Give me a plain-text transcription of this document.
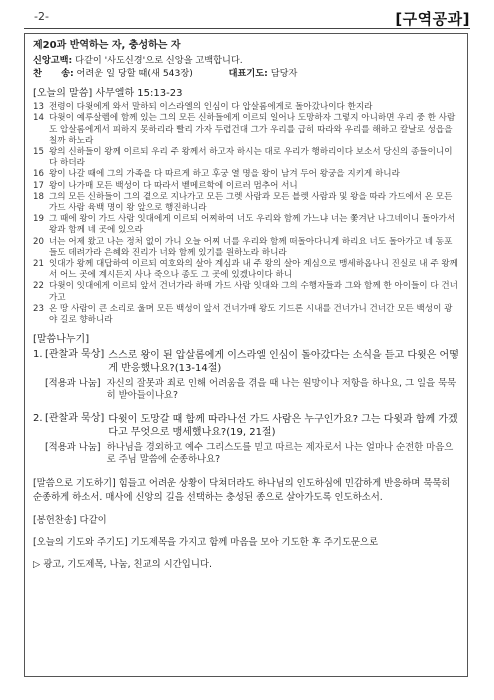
-2-	[구역공과]
제20과 반역하는 자, 충성하는 자
신앙고백: 다같이 '사도신경'으로 신앙을 고백합니다.
찬      송: 어려운 일 당할 때(새 543장)	대표기도: 담당자
[오늘의 말씀] 사무엘하 15:13-23
13 전령이 다윗에게 와서 말하되 이스라엘의 인심이 다 압살롬에게로 돌아갔나이다 한지라
14 다윗이 예루살렘에 함께 있는 그의 모든 신하들에게 이르되 일어나 도망하자 그렇지 아니하면 우리 중 한 사람도 압살롬에게서 피하지 못하리라 빨리 가자 두렵건대 그가 우리를 급히 따라와 우리를 해하고 칼날로 성읍을 칠까 하노라
15 왕의 신하들이 왕께 이르되 우리 주 왕께서 하고자 하시는 대로 우리가 행하리이다 보소서 당신의 종들이니이다 하더라
16 왕이 나갈 때에 그의 가족을 다 따르게 하고 후궁 열 명을 왕이 남겨 두어 왕궁을 지키게 하니라
17 왕이 나가매 모든 백성이 다 따라서 벧메르학에 이르러 멈추어 서니
18 그의 모든 신하들이 그의 곁으로 지나가고 모든 그렛 사람과 모든 블렛 사람과 및 왕을 따라 가드에서 온 모든 가드 사람 육백 명이 왕 앞으로 행진하니라
19 그 때에 왕이 가드 사람 잇대에게 이르되 어찌하여 너도 우리와 함께 가느냐 너는 쫓겨난 나그네이니 돌아가서 왕과 함께 네 곳에 있으라
20 너는 어제 왔고 나는 정처 없이 가니 오늘 어찌 너를 우리와 함께 떠돌아다니게 하리요 너도 돌아가고 네 동포들도 데려가라 은혜와 진리가 너와 함께 있기를 원하노라 하니라
21 잇대가 왕께 대답하여 이르되 여호와의 살아 계심과 내 주 왕의 살아 계심으로 맹세하옵나니 진실로 내 주 왕께서 어느 곳에 계시든지 사나 죽으나 종도 그 곳에 있겠나이다 하니
22 다윗이 잇대에게 이르되 앞서 건너가라 하매 가드 사람 잇대와 그의 수행자들과 그와 함께 한 아이들이 다 건너가고
23 온 땅 사람이 큰 소리로 울며 모든 백성이 앞서 건너가매 왕도 기드론 시내를 건너가니 건너간 모든 백성이 광야 길로 향하니라
[말씀나누기]
1. [관찰과 묵상] 스스로 왕이 된 압살롬에게 이스라엘 인심이 돌아갔다는 소식을 듣고 다윗은 어떻게 반응했나요?(13-14절)
[적용과 나눔] 자신의 잘못과 죄로 인해 어려움을 겪을 때 나는 원망이나 저항을 하나요, 그 일을 묵묵히 받아들이나요?
2. [관찰과 묵상] 다윗이 도망갈 때 함께 따라나선 가드 사람은 누구인가요? 그는 다윗과 함께 가겠다고 무엇으로 맹세했나요?(19, 21절)
[적용과 나눔] 하나님을 경외하고 예수 그리스도를 믿고 따르는 제자로서 나는 얼마나 순전한 마음으로 주님 말씀에 순종하나요?
[말씀으로 기도하기] 힘들고 어려운 상황이 닥쳐더라도 하나님의 인도하심에 민감하게 반응하며 묵묵히 순종하게 하소서. 매사에 신앙의 길을 선택하는 충성된 종으로 살아가도록 인도하소서.
[봉헌찬송] 다같이
[오늘의 기도와 주기도] 기도제목을 가지고 함께 마음을 모아 기도한 후 주기도문으로
▷ 광고, 기도제목, 나눔, 친교의 시간입니다.
